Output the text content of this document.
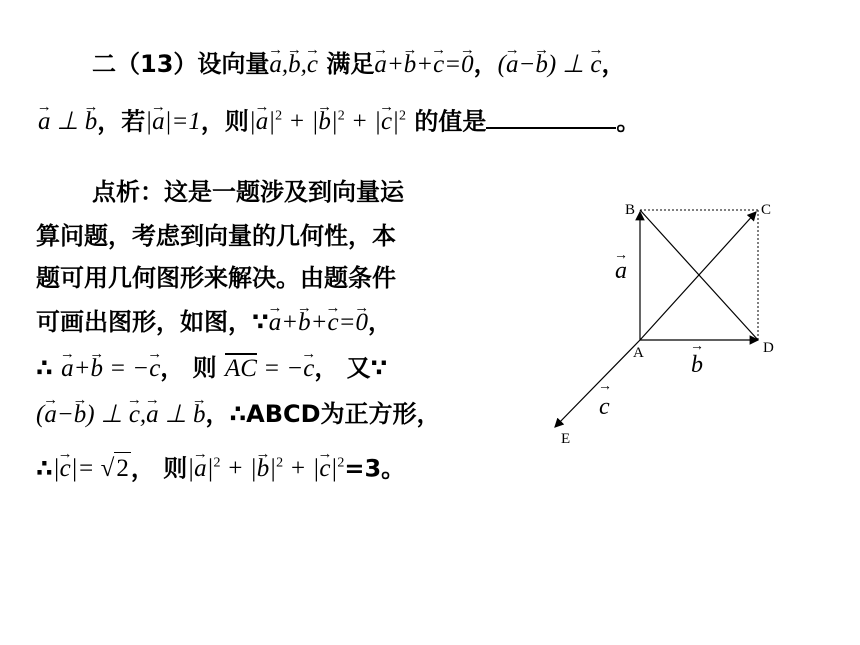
二（13）设向量→ a,→ b,→ c 满足→ a+→ b+→ c=→ 0，(→ a−→ b) ⊥ → c，
→ a ⊥ → b，若|→ a|=1，则|→ $a|^2$ + |→ $b|^2$ + |→ $c|^2$ 的值是	。
点析：这是一题涉及到向量运
算问题，考虑到向量的几何性，本
题可用几何图形来解决。由题条件
可画出图形，如图，∵→ a+→ b+→ c=→ 0，
∴ → a+→ b = −→ c， 则 $\overline{AC}$ = −→ c， 又∵
(→ a−→ b) ⊥ → c,→ a ⊥ → b，∴ABCD为正方形，
∴|→ c|= √2， 则|→ $a|^2$ + |→ $b|^2$ + |→ $c|^2=3$。
B	C
A	D
E
→
a
→
b
→
c
